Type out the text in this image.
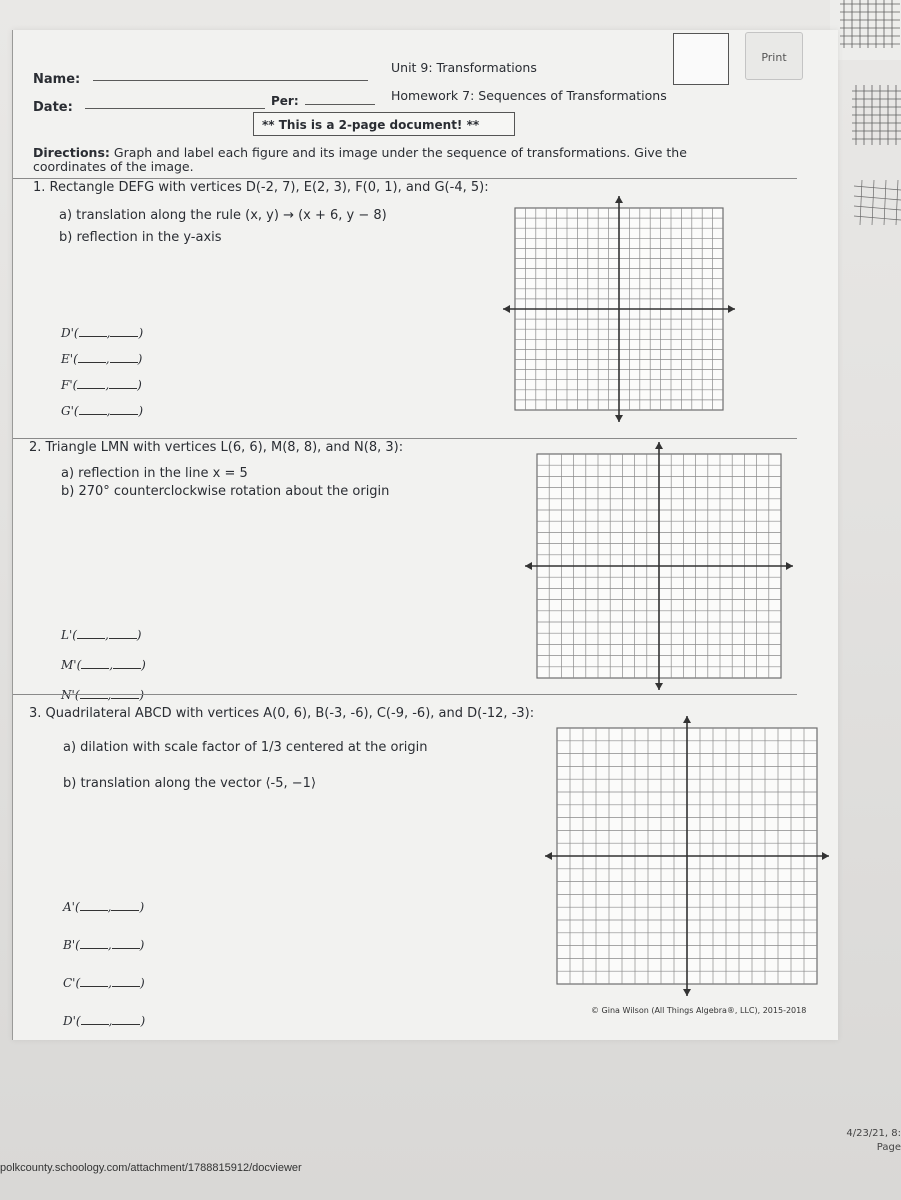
Name:
Date:	Per:
Unit 9: Transformations
Homework 7: Sequences of Transformations
Print
** This is a 2-page document! **
Directions: Graph and label each figure and its image under the sequence of transformations. Give the coordinates of the image.
1. Rectangle DEFG with vertices D(-2, 7), E(2, 3), F(0, 1), and G(-4, 5):
a) translation along the rule (x, y) → (x + 6, y − 8)
b) reflection in the y-axis
D'( , )
E'( , )
F'( , )
G'( , )
2. Triangle LMN with vertices L(6, 6), M(8, 8), and N(8, 3):
a) reflection in the line x = 5
b) 270° counterclockwise rotation about the origin
L'( , )
M'( , )
N'( , )
3. Quadrilateral ABCD with vertices A(0, 6), B(-3, -6), C(-9, -6), and D(-12, -3):
a) dilation with scale factor of 1/3 centered at the origin
b) translation along the vector ⟨-5, −1⟩
A'( , )
B'( , )
C'( , )
D'( , )
© Gina Wilson (All Things Algebra®, LLC), 2015-2018
polkcounty.schoology.com/attachment/1788815912/docviewer
4/23/21, 8:
Page
